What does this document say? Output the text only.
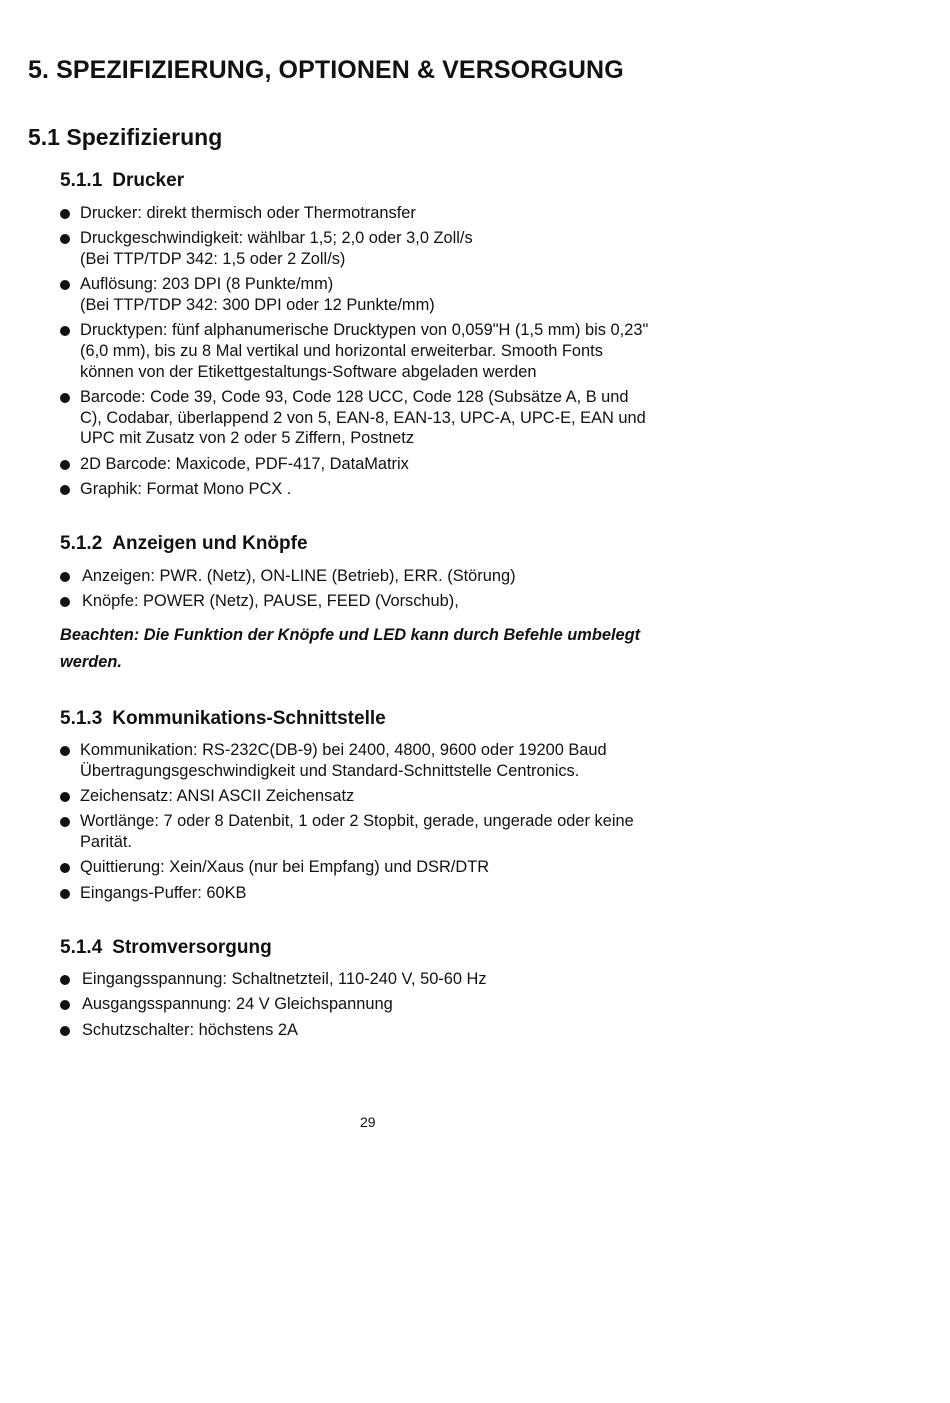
5. SPEZIFIZIERUNG, OPTIONEN & VERSORGUNG
5.1 Spezifizierung
5.1.1 Drucker
Drucker: direkt thermisch oder Thermotransfer
Druckgeschwindigkeit: wählbar 1,5; 2,0 oder 3,0 Zoll/s
(Bei TTP/TDP 342: 1,5 oder 2 Zoll/s)
Auflösung: 203 DPI (8 Punkte/mm)
(Bei TTP/TDP 342: 300 DPI oder 12 Punkte/mm)
Drucktypen: fünf alphanumerische Drucktypen von 0,059"H (1,5 mm) bis 0,23"
(6,0 mm), bis zu 8 Mal vertikal und horizontal erweiterbar. Smooth Fonts
können von der Etikettgestaltungs-Software abgeladen werden
Barcode: Code 39, Code 93, Code 128 UCC, Code 128 (Subsätze A, B und
C), Codabar, überlappend 2 von 5, EAN-8, EAN-13, UPC-A, UPC-E, EAN und
UPC mit Zusatz von 2 oder 5 Ziffern, Postnetz
2D Barcode: Maxicode, PDF-417, DataMatrix
Graphik: Format Mono PCX .
5.1.2 Anzeigen und Knöpfe
Anzeigen: PWR. (Netz), ON-LINE (Betrieb), ERR. (Störung)
Knöpfe: POWER (Netz), PAUSE, FEED (Vorschub),
Beachten: Die Funktion der Knöpfe und LED kann durch Befehle umbelegt
werden.
5.1.3 Kommunikations-Schnittstelle
Kommunikation: RS-232C(DB-9) bei 2400, 4800, 9600 oder 19200 Baud
Übertragungsgeschwindigkeit und Standard-Schnittstelle Centronics.
Zeichensatz: ANSI ASCII Zeichensatz
Wortlänge: 7 oder 8 Datenbit, 1 oder 2 Stopbit, gerade, ungerade oder keine
Parität.
Quittierung: Xein/Xaus (nur bei Empfang) und DSR/DTR
Eingangs-Puffer: 60KB
5.1.4 Stromversorgung
Eingangsspannung: Schaltnetzteil, 110-240 V, 50-60 Hz
Ausgangsspannung: 24 V Gleichspannung
Schutzschalter: höchstens 2A
29
